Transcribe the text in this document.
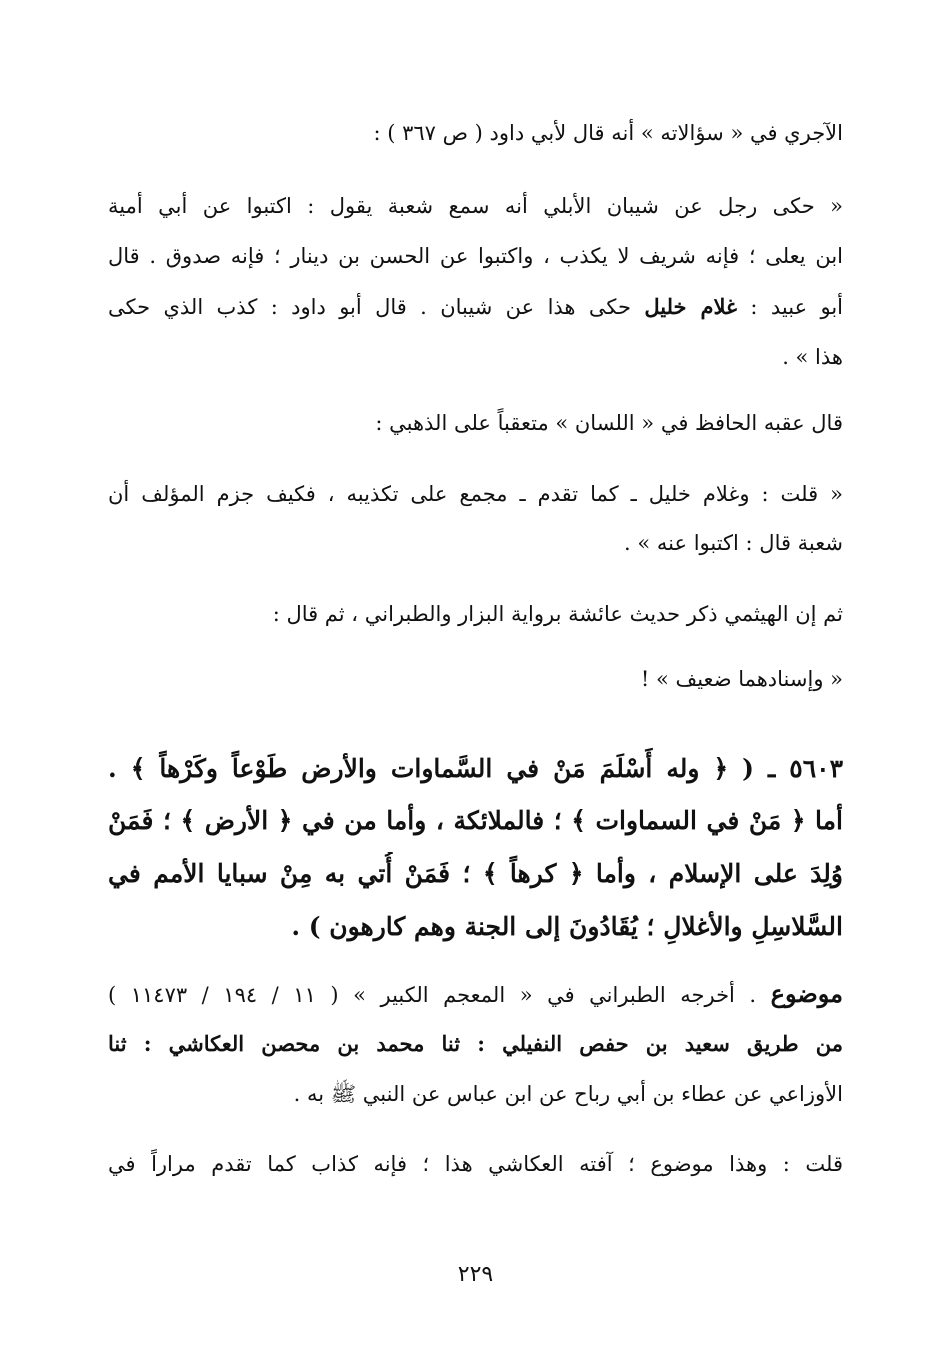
الآجري في « سؤالاته » أنه قال لأبي داود ( ص ٣٦٧ ) :
« حكى رجل عن شيبان الأبلي أنه سمع شعبة يقول : اكتبوا عن أبي أمية
ابن يعلى ؛ فإنه شريف لا يكذب ، واكتبوا عن الحسن بن دينار ؛ فإنه صدوق . قال
أبو عبيد : غلام خليل حكى هذا عن شيبان . قال أبو داود : كذب الذي حكى
هذا » .
قال عقبه الحافظ في « اللسان » متعقباً على الذهبي :
« قلت : وغلام خليل ـ كما تقدم ـ مجمع على تكذيبه ، فكيف جزم المؤلف أن
شعبة قال : اكتبوا عنه » .
ثم إن الهيثمي ذكر حديث عائشة برواية البزار والطبراني ، ثم قال :
« وإسنادهما ضعيف » !
٥٦٠٣ ـ ( ﴿ وله أَسْلَمَ مَنْ في السَّماوات والأرض طَوْعاً وكَرْهاً ﴾ .
أما ﴿ مَنْ في السماوات ﴾ ؛ فالملائكة ، وأما من في ﴿ الأرض ﴾ ؛ فَمَنْ
وُلِدَ على الإسلام ، وأما ﴿ كرهاً ﴾ ؛ فَمَنْ أُتي به مِنْ سبايا الأمم في
السَّلاسِلِ والأغلالِ ؛ يُقَادُونَ إلى الجنة وهم كارهون ) .
موضوع . أخرجه الطبراني في « المعجم الكبير » ( ١١ / ١٩٤ / ١١٤٧٣ )
من طريق سعيد بن حفص النفيلي : ثنا محمد بن محصن العكاشي : ثنا
الأوزاعي عن عطاء بن أبي رباح عن ابن عباس عن النبي ﷺ به .
قلت : وهذا موضوع ؛ آفته العكاشي هذا ؛ فإنه كذاب كما تقدم مراراً في
٢٢٩
